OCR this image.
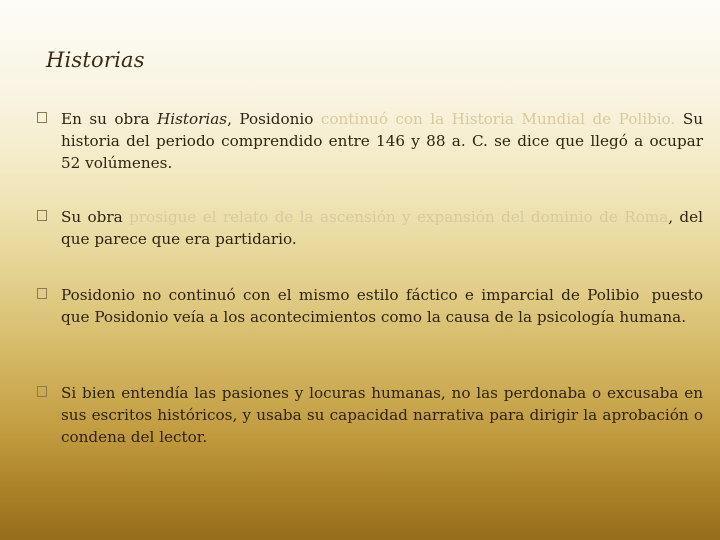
Historias
En su obra Historias, Posidonio continuó con la Historia Mundial de Polibio. Su historia del periodo comprendido entre 146 y 88 a. C. se dice que llegó a ocupar 52 volúmenes.
Su obra prosigue el relato de la ascensión y expansión del dominio de Roma, del que parece que era partidario.
Posidonio no continuó con el mismo estilo fáctico e imparcial de Polibio, puesto que Posidonio veía a los acontecimientos como la causa de la psicología humana.
Si bien entendía las pasiones y locuras humanas, no las perdonaba o excusaba en sus escritos históricos, y usaba su capacidad narrativa para dirigir la aprobación o condena del lector.
